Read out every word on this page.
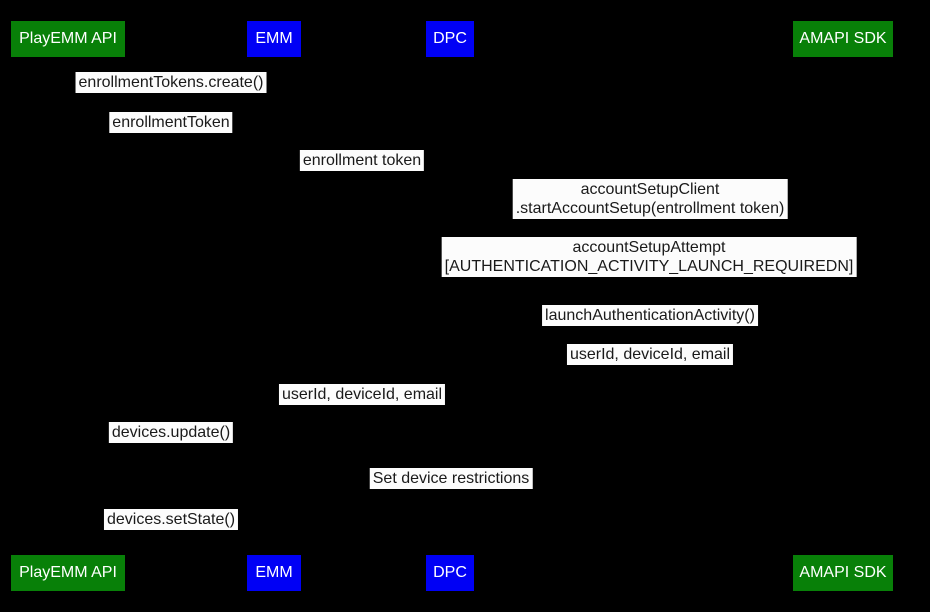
PlayEMM API	EMM	DPC	AMAPI SDK
enrollmentTokens.create()
enrollmentToken
enrollment token
accountSetupClient
.startAccountSetup(entrollment token)
accountSetupAttempt
[AUTHENTICATION_ACTIVITY_LAUNCH_REQUIREDN]
launchAuthenticationActivity()
userId, deviceId, email
userId, deviceId, email
devices.update()
Set device restrictions
devices.setState()
PlayEMM API	EMM	DPC	AMAPI SDK
